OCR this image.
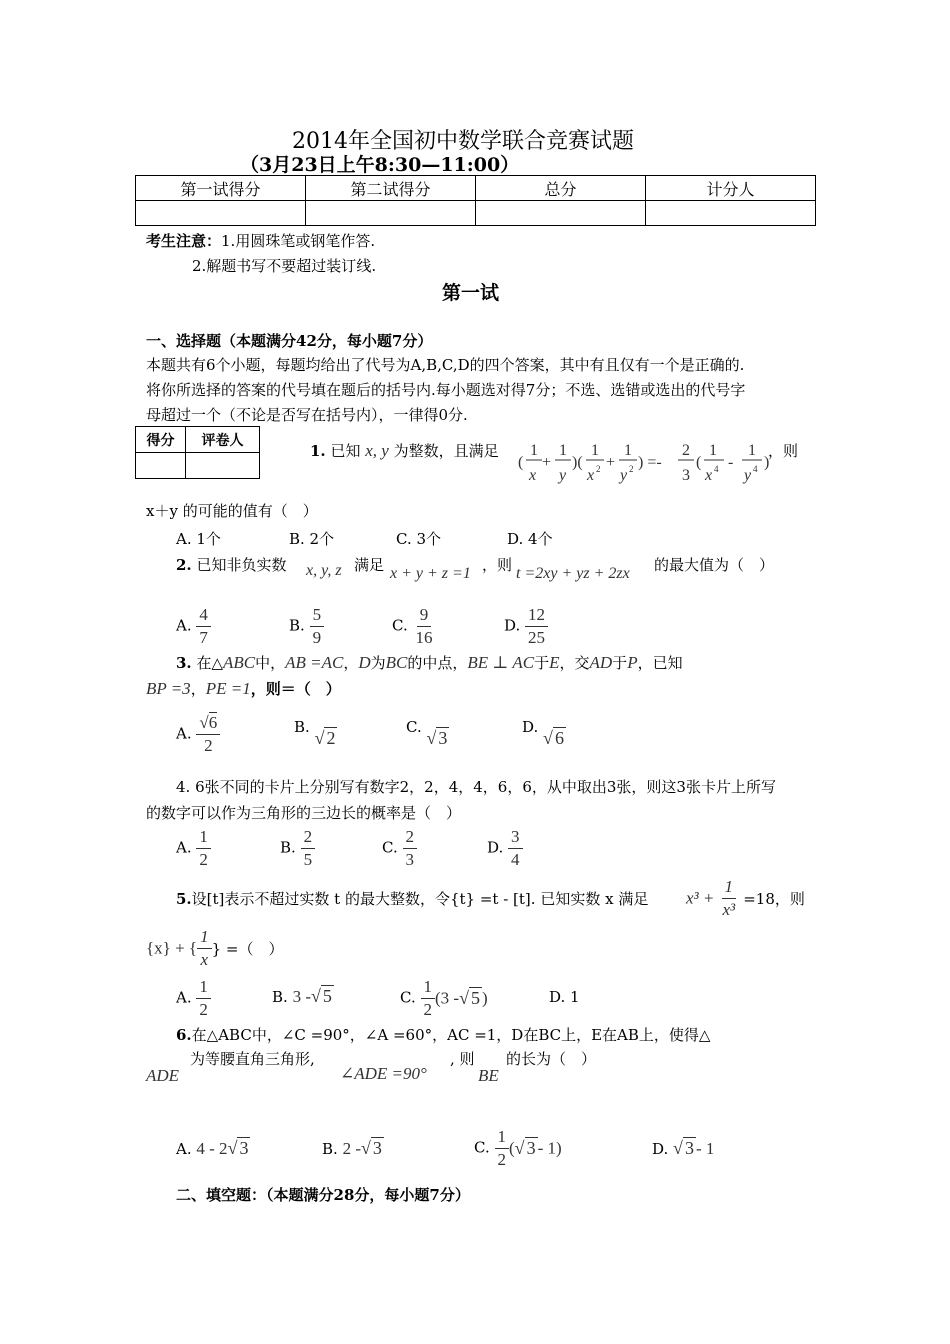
2014年全国初中数学联合竞赛试题
（3月23日上午8:30—11:00）
第一试得分	第二试得分	总分	计分人

考生注意：1.用圆珠笔或钢笔作答.
2.解题书写不要超过装订线.
第一试
一、选择题（本题满分42分，每小题7分）
本题共有6个小题，每题均给出了代号为A,B,C,D的四个答案，其中有且仅有一个是正确的.
将你所选择的答案的代号填在题后的括号内.每小题选对得7分；不选、选错或选出的代号字
母超过一个（不论是否写在括号内），一律得0分.
得分	评卷人

1. 已知 x, y 为整数，且满足
(
1
x
+
1
y
)(
1
x 2 +
1
y 2 ) =-
2
3
(
1
x 4 -
1
y 4 )
，则
x＋y 的可能的值有（　）
A. 1个	B. 2个	C. 3个	D. 4个
2. 已知非负实数 x, y, z 满足 x + y + z =1 ，则 t =2xy + yz + 2zx 的最大值为（　）
A. $\frac{4}{7}$	B. $\frac{5}{9}$	C. $\frac{9}{16}$	D. $\frac{12}{25}$
3. 在△ABC中，AB =AC，D为BC的中点，BE ⊥ AC于E，交AD于P，已知
BP =3，PE =1，则＝（　）
A. $\frac{√6}{2}$	B. √ 2
C. √ 3
D. √ 6
4. 6张不同的卡片上分别写有数字2，2，4，4，6，6，从中取出3张，则这3张卡片上所写
的数字可以作为三角形的三边长的概率是（　）
A. $\frac{1}{2}$	B. $\frac{2}{5}$	C. $\frac{2}{3}$	D. $\frac{3}{4}$
5.设[t]表示不超过实数 t 的最大整数，令{t} =t - [t]. 已知实数 x 满足 $x^3 + \frac{1}{\text{x³}} =18$，则
{x} + { $\frac{1}{x}$ } =（　）
A. $\frac{1}{2}$	B. 3 -√ 5	C. $\frac{1}{2} (3$ -√ 5 )	D. 1
6.在△ABC中，∠C =90°，∠A =60°，AC =1，D在BC上，E在AB上，使得△
为等腰直角三角形,	, 则 的长为（　）
ADE	∠ADE =90°	BE
A. 4 - 2√ 3	B. 2 -√ 3	C. $\frac{1}{2}$ (√ 3 - 1)	D. √ 3 - 1
二、填空题：（本题满分28分，每小题7分）
